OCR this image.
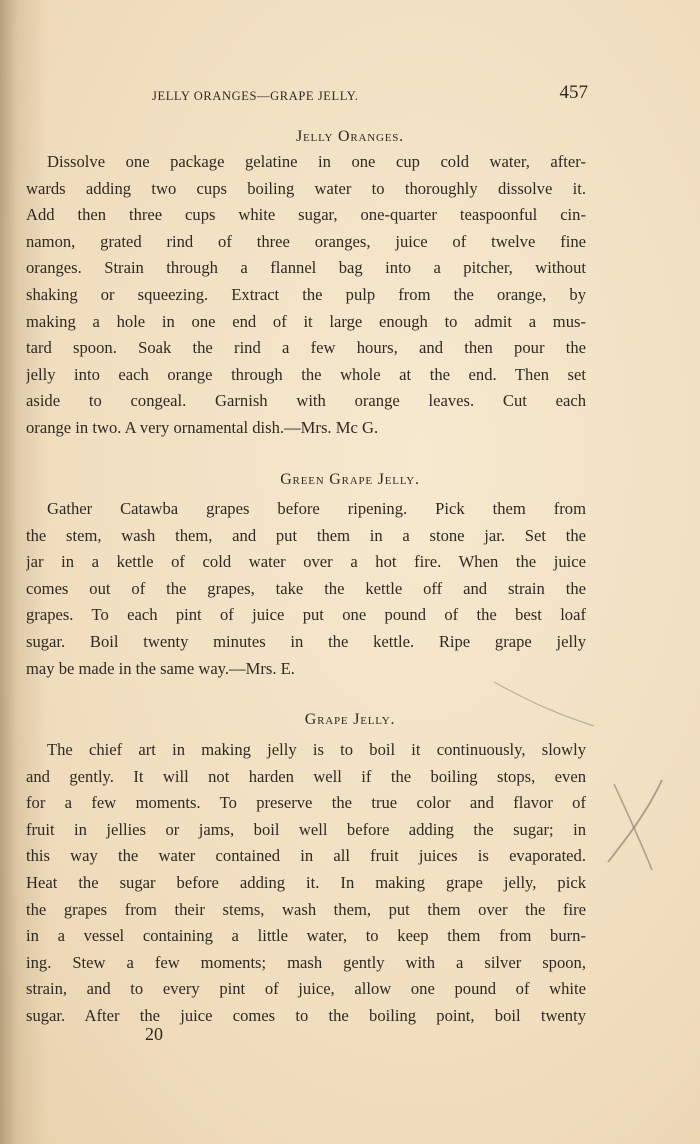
JELLY ORANGES—GRAPE JELLY.	457
Jelly Oranges.
Dissolve one package gelatine in one cup cold water, after-
wards adding two cups boiling water to thoroughly dissolve it.
Add then three cups white sugar, one-quarter teaspoonful cin-
namon, grated rind of three oranges, juice of twelve fine
oranges. Strain through a flannel bag into a pitcher, without
shaking or squeezing. Extract the pulp from the orange, by
making a hole in one end of it large enough to admit a mus-
tard spoon. Soak the rind a few hours, and then pour the
jelly into each orange through the whole at the end. Then set
aside to congeal. Garnish with orange leaves. Cut each
orange in two. A very ornamental dish.—Mrs. Mc G.
Green Grape Jelly.
Gather Catawba grapes before ripening. Pick them from
the stem, wash them, and put them in a stone jar. Set the
jar in a kettle of cold water over a hot fire. When the juice
comes out of the grapes, take the kettle off and strain the
grapes. To each pint of juice put one pound of the best loaf
sugar. Boil twenty minutes in the kettle. Ripe grape jelly
may be made in the same way.—Mrs. E.
Grape Jelly.
The chief art in making jelly is to boil it continuously, slowly
and gently. It will not harden well if the boiling stops, even
for a few moments. To preserve the true color and flavor of
fruit in jellies or jams, boil well before adding the sugar; in
this way the water contained in all fruit juices is evaporated.
Heat the sugar before adding it. In making grape jelly, pick
the grapes from their stems, wash them, put them over the fire
in a vessel containing a little water, to keep them from burn-
ing. Stew a few moments; mash gently with a silver spoon,
strain, and to every pint of juice, allow one pound of white
sugar. After the juice comes to the boiling point, boil twenty
20
